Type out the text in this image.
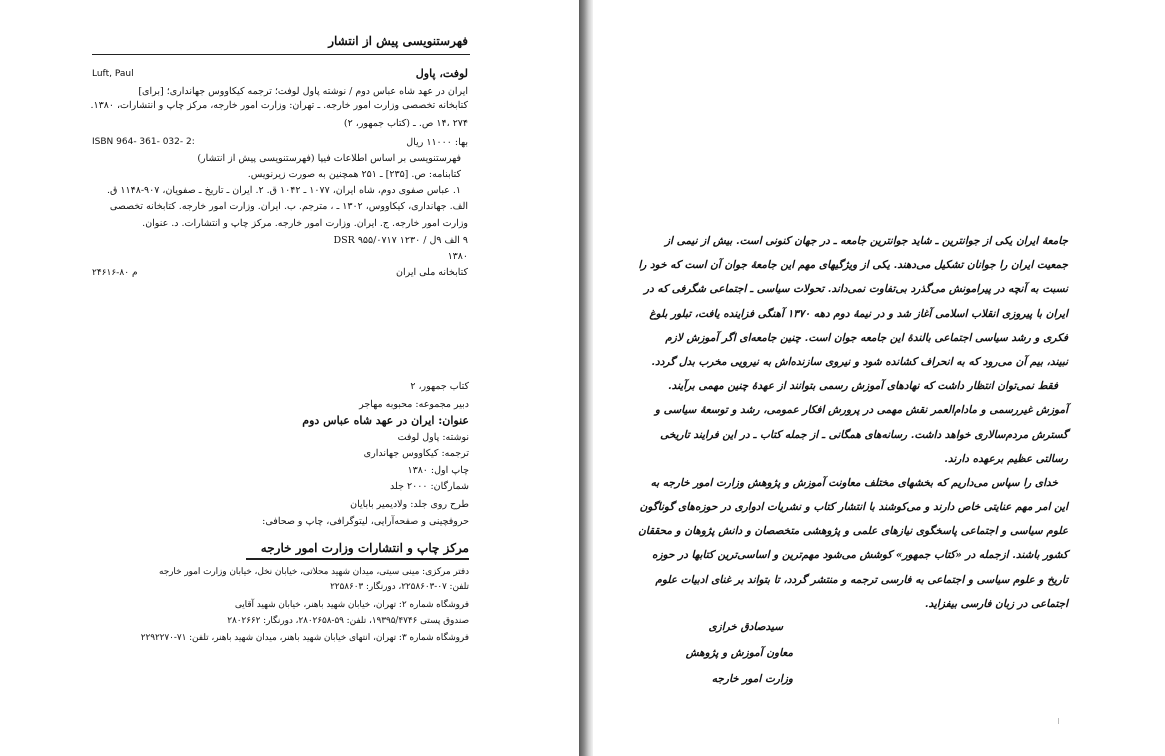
فهرستنویسی پیش از انتشار
Luft, Paul	لوفت، پاول
ایران در عهد شاه عباس دوم / نوشته پاول لوفت؛ ترجمه کیکاووس جهانداری؛ [برای]
کتابخانه تخصصی وزارت امور خارجه. ـ تهران: وزارت امور خارجه، مرکز چاپ و انتشارات، ۱۳۸۰.
۲۷۴ ،۱۴ ص. ـ (کتاب جمهور، ۲)
ISBN 964- 361- 032- 2:	بها: ۱۱۰۰۰ ریال
فهرستنویسی بر اساس اطلاعات فیپا (فهرستنویسی پیش از انتشار)
کتابنامه: ص. [۲۳۵] ـ ۲۵۱ همچنین به صورت زیرنویس.
۱. عباس صفوی دوم، شاه ایران، ۱۰۷۷ ـ ۱۰۴۲ ق. ۲. ایران ـ تاریخ ـ صفویان، ۹۰۷-۱۱۴۸ ق.
الف. جهانداری، کیکاووس، ۱۳۰۲ ـ ، مترجم. ب. ایران. وزارت امور خارجه. کتابخانه تخصصی
وزارت امور خارجه. ج. ایران. وزارت امور خارجه. مرکز چاپ و انتشارات. د. عنوان.
۹ الف ۹ل / ۱۲۳۰ DSR ۹۵۵/۰۷۱۷
۱۳۸۰
کتابخانه ملی ایران
م ۸۰-۲۴۶۱۶
کتاب جمهور، ۲
دبیر مجموعه: محبوبه مهاجر
عنوان: ایران در عهد شاه عباس دوم
نوشته: پاول لوفت
ترجمه: کیکاووس جهانداری
چاپ اول: ۱۳۸۰
شمارگان: ۲۰۰۰ جلد
طرح روی جلد: ولادیمیر بابایان
حروفچینی و صفحه‌آرایی، لیتوگرافی، چاپ و صحافی:
مرکز چاپ و انتشارات وزارت امور خارجه
دفتر مرکزی: مینی سیتی، میدان شهید محلاتی، خیابان نخل، خیابان وزارت امور خارجه
تلفن: ۰۷-۲۲۵۸۶۰۳، دورنگار: ۲۲۵۸۶۰۳
فروشگاه شماره ۲: تهران، خیابان شهید باهنر، خیابان شهید آقایی
صندوق پستی ۱۹۳۹۵/۴۷۴۶، تلفن: ۵۹-۲۸۰۲۶۵۸، دورنگار: ۲۸۰۲۶۶۲
فروشگاه شماره ۳: تهران، انتهای خیابان شهید باهنر، میدان شهید باهنر، تلفن: ۷۱-۲۲۹۲۲۷۰
جامعهٔ ایران یکی از جوانترین ـ شاید جوانترین جامعه ـ در جهان کنونی است. بیش از نیمی از
جمعیت ایران را جوانان تشکیل می‌دهند. یکی از ویژگیهای مهم این جامعهٔ جوان آن است که خود را
نسبت به آنچه در پیرامونش می‌گذرد بی‌تفاوت نمی‌داند. تحولات سیاسی ـ اجتماعی شگرفی که در
ایران با پیروزی انقلاب اسلامی آغاز شد و در نیمهٔ دوم دهه ۱۳۷۰ آهنگی فزاینده یافت، تبلور بلوغ
فکری و رشد سیاسی اجتماعی بالندهٔ این جامعه جوان است. چنین جامعه‌ای اگر آموزش لازم
نبیند، بیم آن می‌رود که به انحراف کشانده شود و نیروی سازنده‌اش به نیرویی مخرب بدل گردد.
فقط نمی‌توان انتظار داشت که نهادهای آموزش رسمی بتوانند از عهدهٔ چنین مهمی برآیند.
آموزش غیررسمی و مادام‌العمر نقش مهمی در پرورش افکار عمومی، رشد و توسعهٔ سیاسی و
گسترش مردم‌سالاری خواهد داشت. رسانه‌های همگانی ـ از جمله کتاب ـ در این فرایند تاریخی
رسالتی عظیم برعهده دارند.
خدای را سپاس می‌داریم که بخشهای مختلف معاونت آموزش و پژوهش وزارت امور خارجه به
این امر مهم عنایتی خاص دارند و می‌کوشند با انتشار کتاب و نشریات ادواری در حوزه‌های گوناگون
علوم سیاسی و اجتماعی پاسخگوی نیازهای علمی و پژوهشی متخصصان و دانش پژوهان و محققان
کشور باشند. ازجمله در «کتاب جمهور» کوشش می‌شود مهم‌ترین و اساسی‌ترین کتابها در حوزه
تاریخ و علوم سیاسی و اجتماعی به فارسی ترجمه و منتشر گردد، تا بتواند بر غنای ادبیات علوم
اجتماعی در زبان فارسی بیفزاید.
سیدصادق خرازی
معاون آموزش و پژوهش
وزارت امور خارجه
